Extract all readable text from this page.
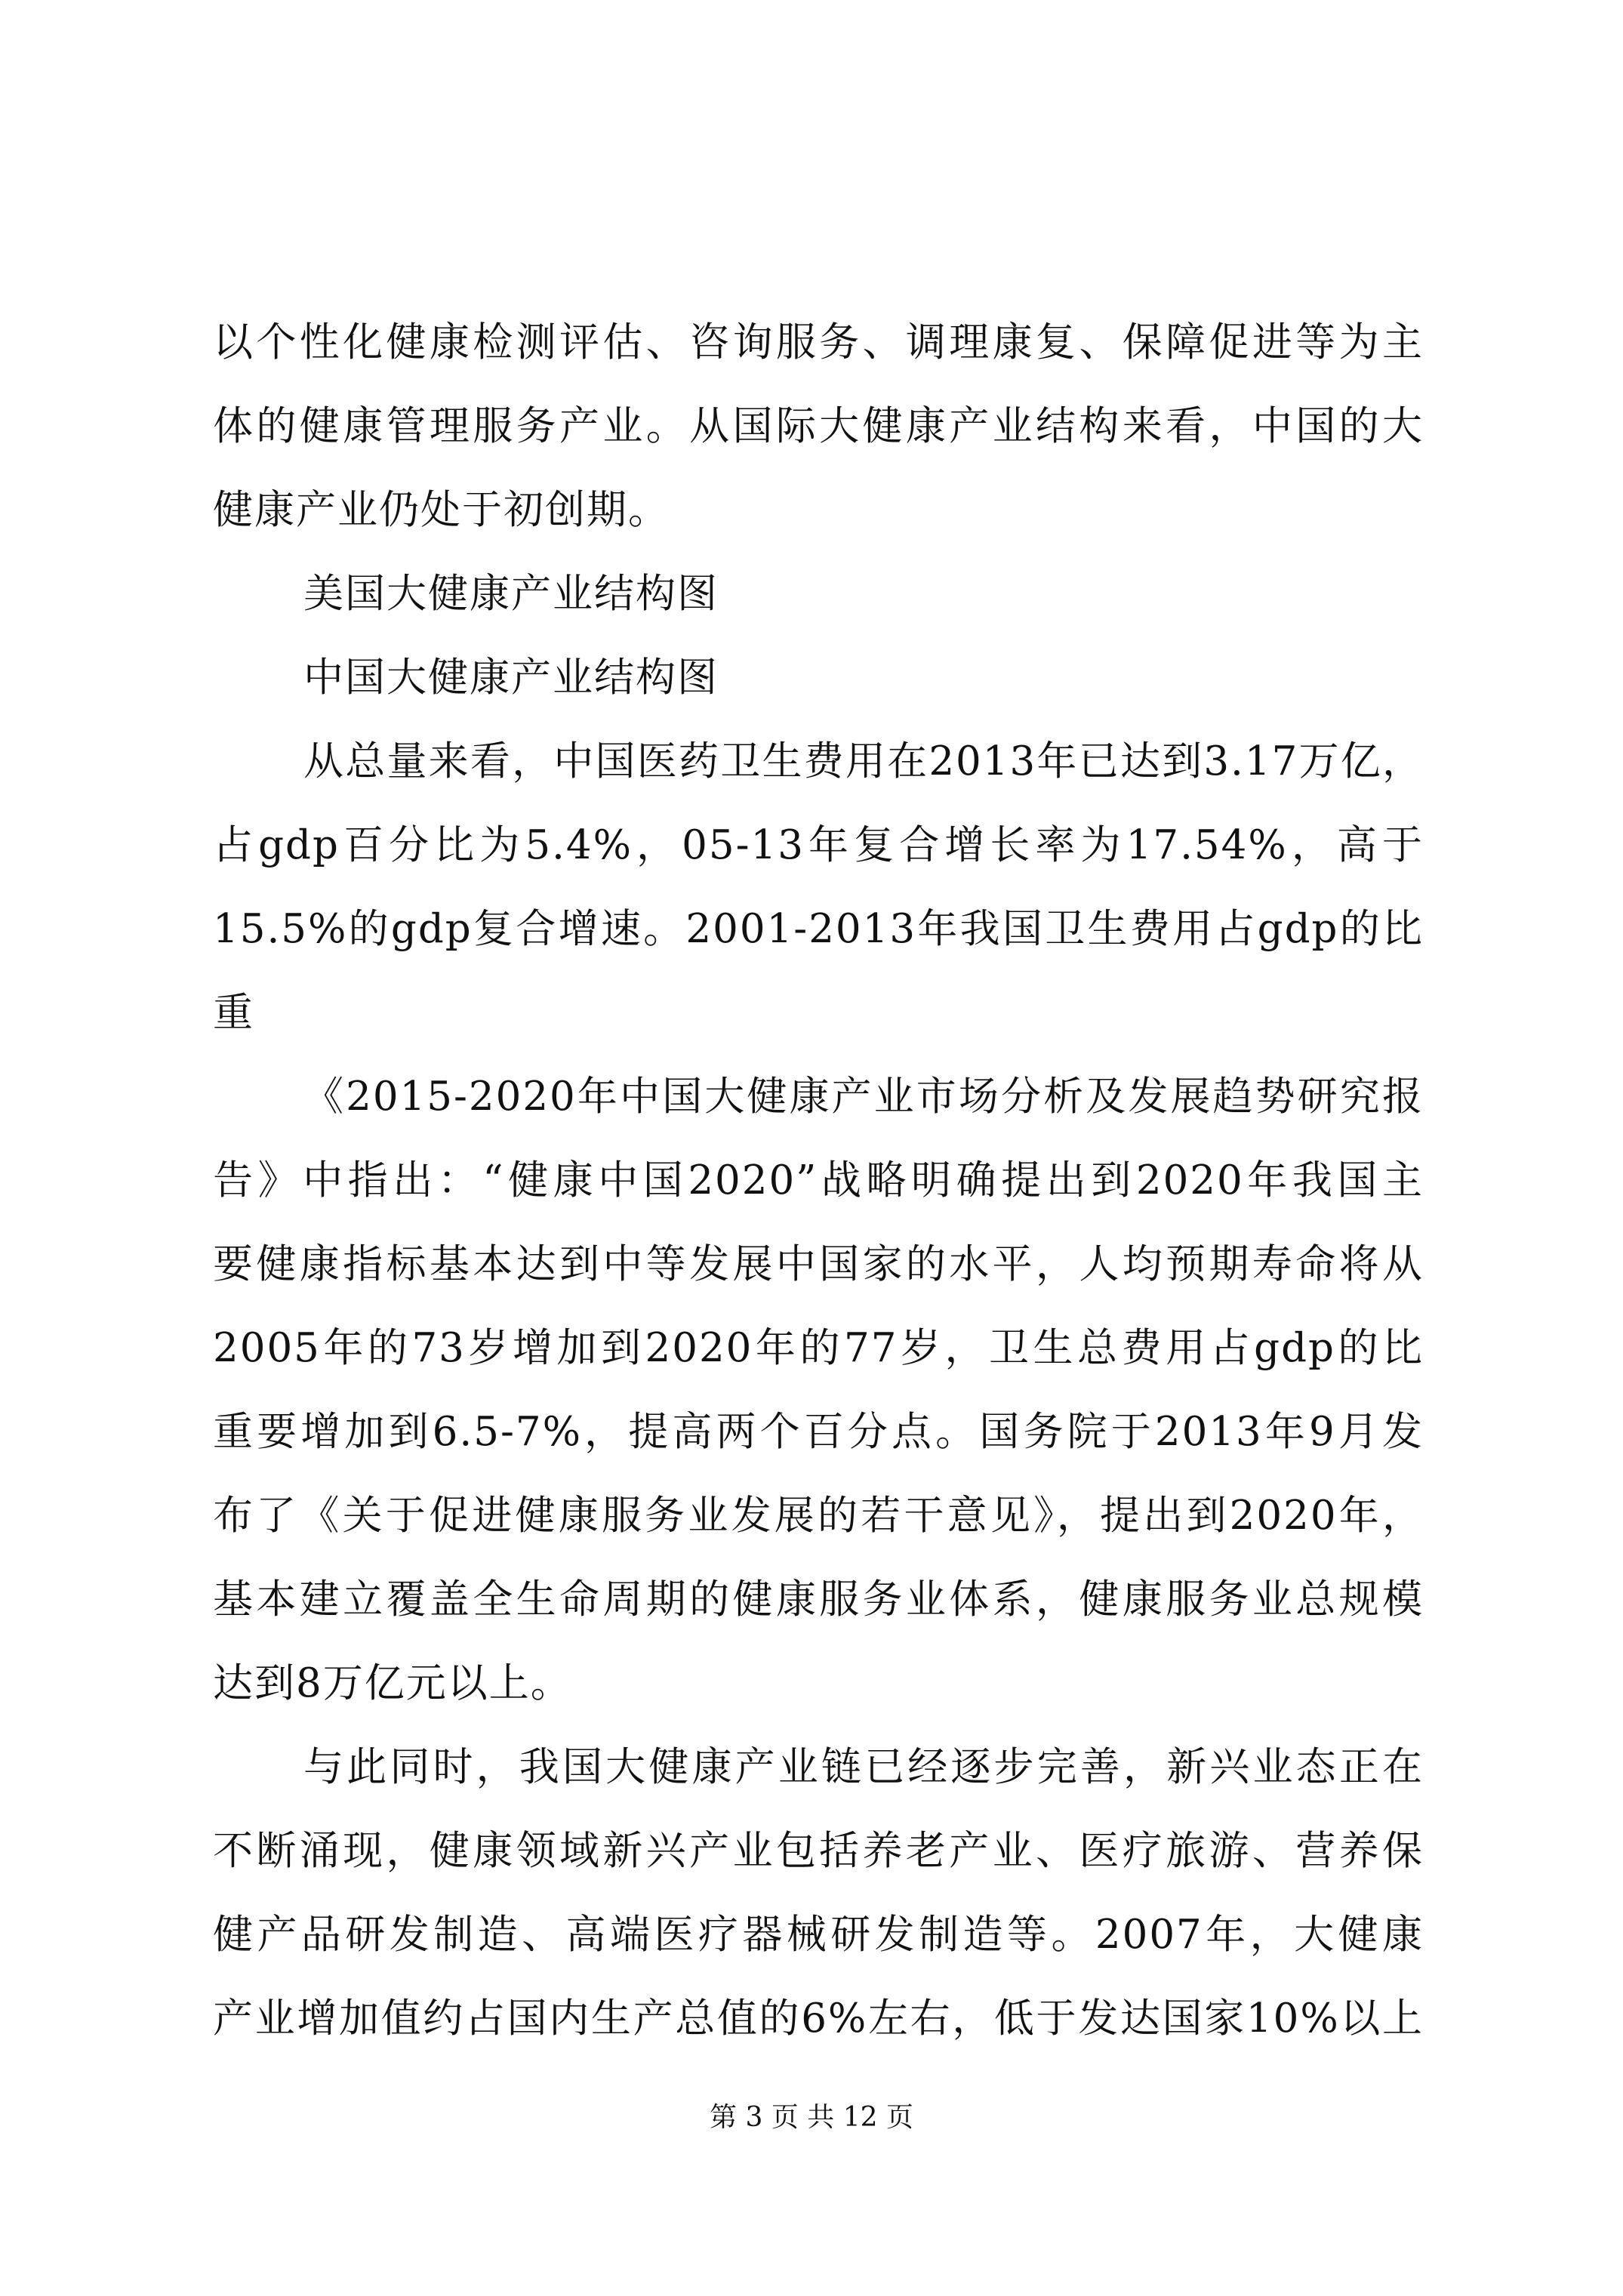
以个性化健康检测评估、咨询服务、调理康复、保障促进等为主
体的健康管理服务产业。从国际大健康产业结构来看，中国的大
健康产业仍处于初创期。
美国大健康产业结构图
中国大健康产业结构图
从总量来看，中国医药卫生费用在2013年已达到3.17万亿，
占gdp百分比为5.4%，05-13年复合增长率为17.54%，高于
15.5%的gdp复合增速。2001-2013年我国卫生费用占gdp的比
重
《2015-2020年中国大健康产业市场分析及发展趋势研究报
告》中指出：“健康中国2020”战略明确提出到2020年我国主
要健康指标基本达到中等发展中国家的水平，人均预期寿命将从
2005年的73岁增加到2020年的77岁，卫生总费用占gdp的比
重要增加到6.5-7%，提高两个百分点。国务院于2013年9月发
布了《关于促进健康服务业发展的若干意见》，提出到2020年，
基本建立覆盖全生命周期的健康服务业体系，健康服务业总规模
达到8万亿元以上。
与此同时，我国大健康产业链已经逐步完善，新兴业态正在
不断涌现，健康领域新兴产业包括养老产业、医疗旅游、营养保
健产品研发制造、高端医疗器械研发制造等。2007年，大健康
产业增加值约占国内生产总值的6%左右，低于发达国家10%以上
第 3 页 共 12 页
